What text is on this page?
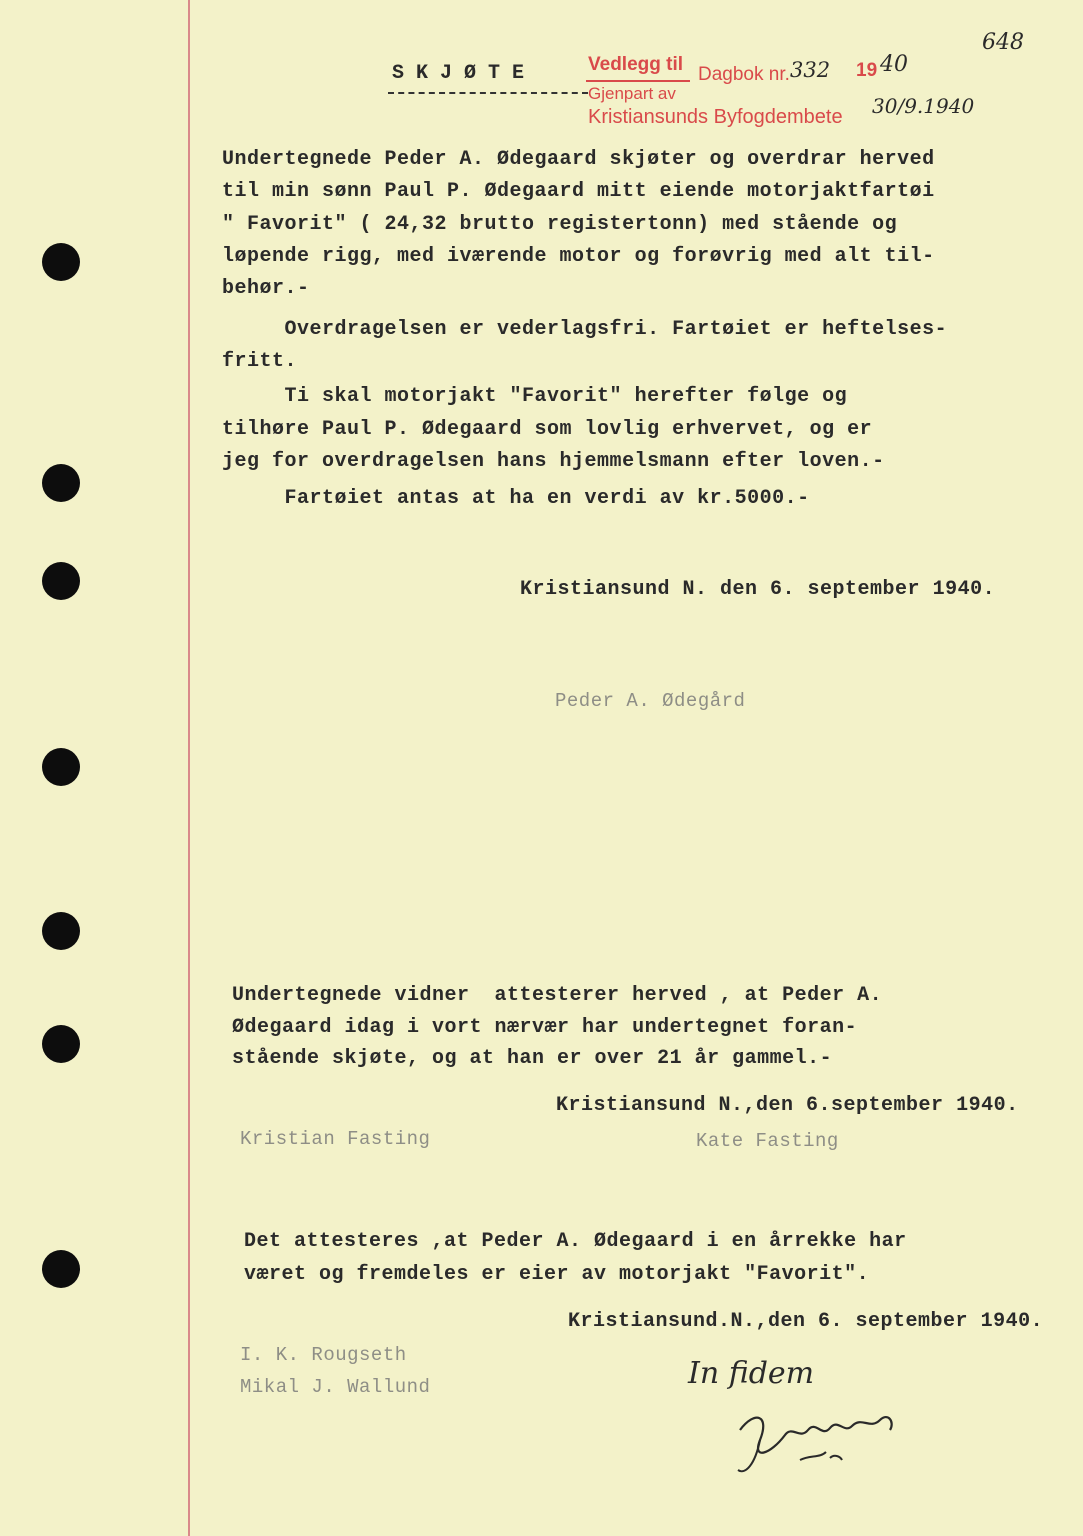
648
SKJØTE	Vedlegg til Dagbok nr. 332 19 40
Gjenpart av
Kristiansunds Byfogdembete 30/9.1940
Undertegnede Peder A. Ødegaard skjøter og overdrar herved
til min sønn Paul P. Ødegaard mitt eiende motorjaktfartøi
" Favorit" ( 24,32 brutto registertonn) med stående og
løpende rigg, med iværende motor og forøvrig med alt til-
behør.-
Overdragelsen er vederlagsfri. Fartøiet er heftelses-
fritt.
Ti skal motorjakt "Favorit" herefter følge og
tilhøre Paul P. Ødegaard som lovlig erhvervet, og er
jeg for overdragelsen hans hjemmelsmann efter loven.-
Fartøiet antas at ha en verdi av kr.5000.-
Kristiansund N. den 6. september 1940.
Peder A. Ødegård
Undertegnede vidner  attesterer herved , at Peder A.
Ødegaard idag i vort nærvær har undertegnet foran-
stående skjøte, og at han er over 21 år gammel.-
Kristiansund N.,den 6.september 1940.
Kristian Fasting	Kate Fasting
Det attesteres ,at Peder A. Ødegaard i en årrekke har
været og fremdeles er eier av motorjakt "Favorit".
Kristiansund.N.,den 6. september 1940.
I. K. Rougseth
Mikal J. Wallund	In fidem
